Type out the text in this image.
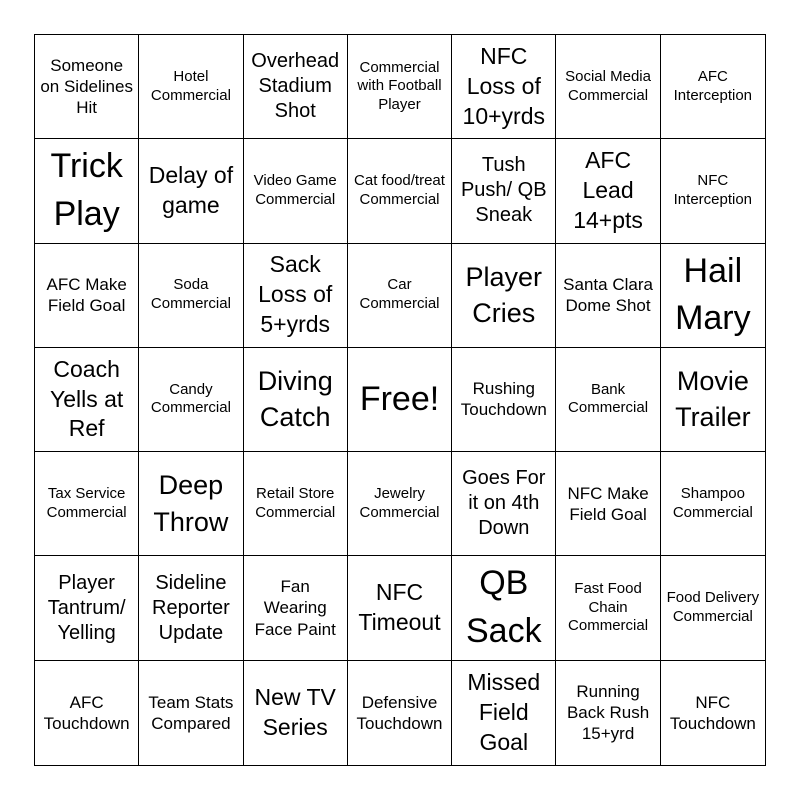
Someone on Sidelines Hit
Hotel Commercial
Overhead Stadium Shot
Commercial with Football Player
NFC Loss of 10+yrds
Social Media Commercial
AFC Interception
Trick Play
Delay of game
Video Game Commercial
Cat food/treat Commercial
Tush Push/ QB Sneak
AFC Lead 14+pts
NFC Interception
AFC Make Field Goal
Soda Commercial
Sack Loss of 5+yrds
Car Commercial
Player Cries
Santa Clara Dome Shot
Hail Mary
Coach Yells at Ref
Candy Commercial
Diving Catch Free!	Rushing Touchdown
Bank Commercial
Movie Trailer
Tax Service Commercial
Deep Throw
Retail Store Commercial
Jewelry Commercial
Goes For it on 4th Down
NFC Make Field Goal
Shampoo Commercial
Player Tantrum/ Yelling
Sideline Reporter Update
Fan Wearing Face Paint
NFC Timeout
QB Sack
Fast Food Chain Commercial
Food Delivery Commercial
AFC Touchdown
Team Stats Compared
New TV Series
Defensive Touchdown
Missed Field Goal
Running Back Rush 15+yrd
NFC Touchdown
